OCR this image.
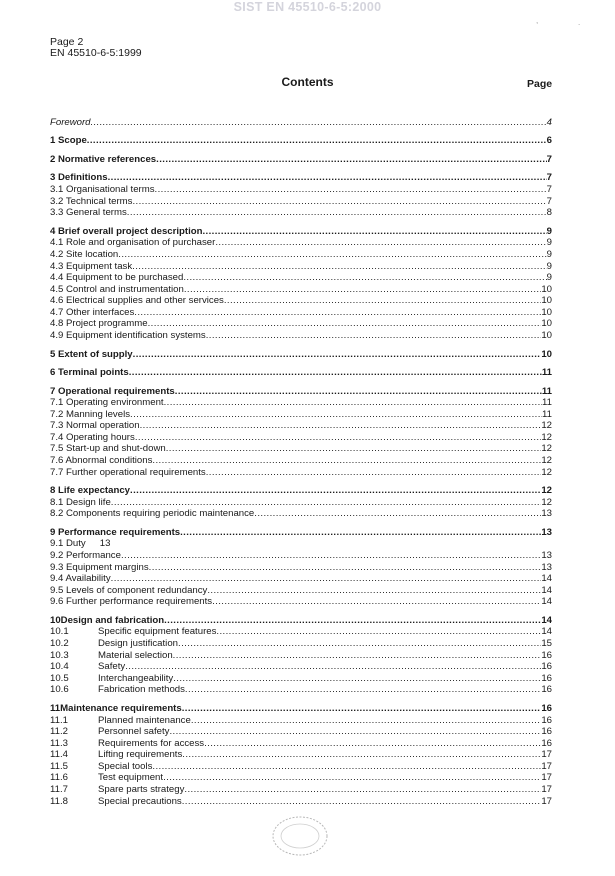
SIST EN 45510-6-5:2000
,	.
Page 2
EN 45510-6-5:1999
Contents	Page
Foreword .....	4
1 Scope .....	6
2 Normative references .....	7
3 Definitions .....	7
3.1 Organisational terms .....	7
3.2 Technical terms .....	7
3.3 General terms .....	8
4 Brief overall project description .....	9
4.1 Role and organisation of purchaser .....	9
4.2 Site location .....	9
4.3 Equipment task .....	9
4.4 Equipment to be purchased .....	9
4.5 Control and instrumentation .....	10
4.6 Electrical supplies and other services .....	10
4.7 Other interfaces .....	10
4.8 Project programme .....	10
4.9 Equipment identification systems .....	10
5 Extent of supply .....	10
6 Terminal points .....	11
7 Operational requirements .....	11
7.1 Operating environment .....	11
7.2 Manning levels .....	11
7.3 Normal operation .....	12
7.4 Operating hours .....	12
7.5 Start-up and shut-down .....	12
7.6 Abnormal conditions .....	12
7.7 Further operational requirements .....	12
8 Life expectancy .....	12
8.1 Design life .....	12
8.2 Components requiring periodic maintenance .....	13
9 Performance requirements .....	13
9.1 Duty 13
9.2 Performance .....	13
9.3 Equipment margins .....	13
9.4 Availability .....	14
9.5 Levels of component redundancy .....	14
9.6 Further performance requirements .....	14
10 Design and fabrication .....	14
10.1	Specific equipment features .....	14
10.2	Design justification .....	15
10.3	Material selection .....	16
10.4	Safety .....	16
10.5	Interchangeability .....	16
10.6	Fabrication methods .....	16
11 Maintenance requirements .....	16
11.1	Planned maintenance .....	16
11.2	Personnel safety .....	16
11.3	Requirements for access .....	16
11.4	Lifting requirements .....	17
11.5	Special tools .....	17
11.6	Test equipment .....	17
11.7	Spare parts strategy .....	17
11.8	Special precautions .....	17
